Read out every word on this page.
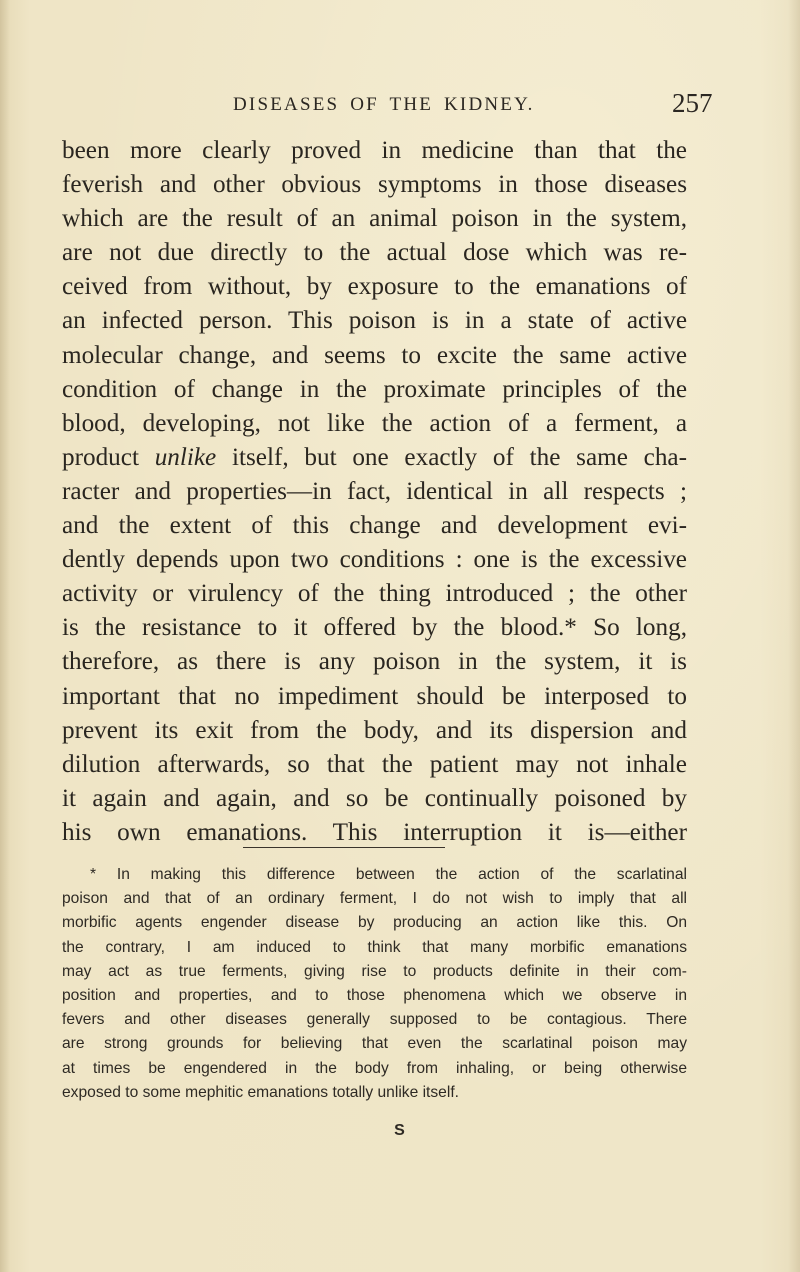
DISEASES OF THE KIDNEY.	257
been more clearly proved in medicine than that the
feverish and other obvious symptoms in those diseases
which are the result of an animal poison in the system,
are not due directly to the actual dose which was re-
ceived from without, by exposure to the emanations of
an infected person. This poison is in a state of active
molecular change, and seems to excite the same active
condition of change in the proximate principles of the
blood, developing, not like the action of a ferment, a
product unlike itself, but one exactly of the same cha-
racter and properties—in fact, identical in all respects ;
and the extent of this change and development evi-
dently depends upon two conditions : one is the excessive
activity or virulency of the thing introduced ; the other
is the resistance to it offered by the blood.* So long,
therefore, as there is any poison in the system, it is
important that no impediment should be interposed to
prevent its exit from the body, and its dispersion and
dilution afterwards, so that the patient may not inhale
it again and again, and so be continually poisoned by
his own emanations. This interruption it is—either
* In making this difference between the action of the scarlatinal
poison and that of an ordinary ferment, I do not wish to imply that all
morbific agents engender disease by producing an action like this. On
the contrary, I am induced to think that many morbific emanations
may act as true ferments, giving rise to products definite in their com-
position and properties, and to those phenomena which we observe in
fevers and other diseases generally supposed to be contagious. There
are strong grounds for believing that even the scarlatinal poison may
at times be engendered in the body from inhaling, or being otherwise
exposed to some mephitic emanations totally unlike itself.
S
